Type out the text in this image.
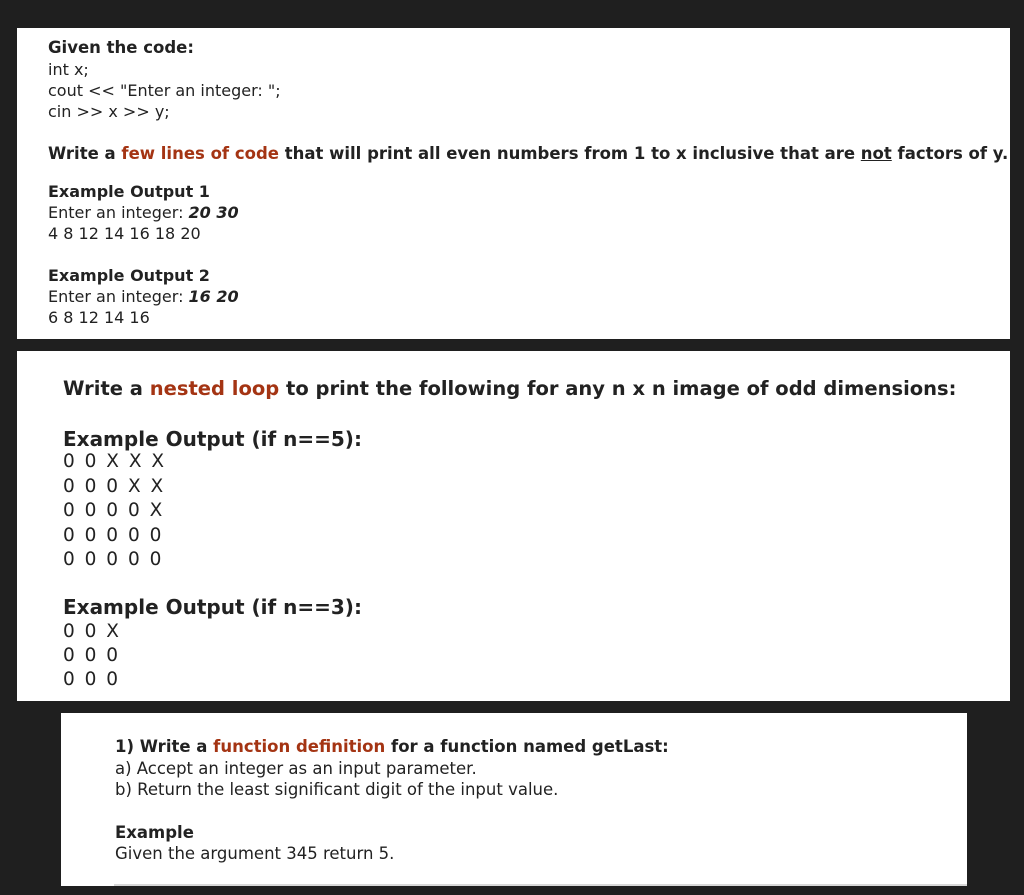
Given the code:

int x;

cout << "Enter an integer: ";

cin >> x >> y;

Write a few lines of code that will print all even numbers from 1 to x inclusive that are not factors of y.

Example Output 1

Enter an integer: 20 30

4 8 12 14 16 18 20

Example Output 2

Enter an integer: 16 20

6 8 12 14 16

Write a nested loop to print the following for any n x n image of odd dimensions:

Example Output (if n==5):

0 0 X X X

0 0 0 X X

0 0 0 0 X

0 0 0 0 0

0 0 0 0 0

Example Output (if n==3):

0 0 X

0 0 0

0 0 0

1) Write a function definition for a function named getLast:

a) Accept an integer as an input parameter.

b) Return the least significant digit of the input value.

Example

Given the argument 345 return 5.
